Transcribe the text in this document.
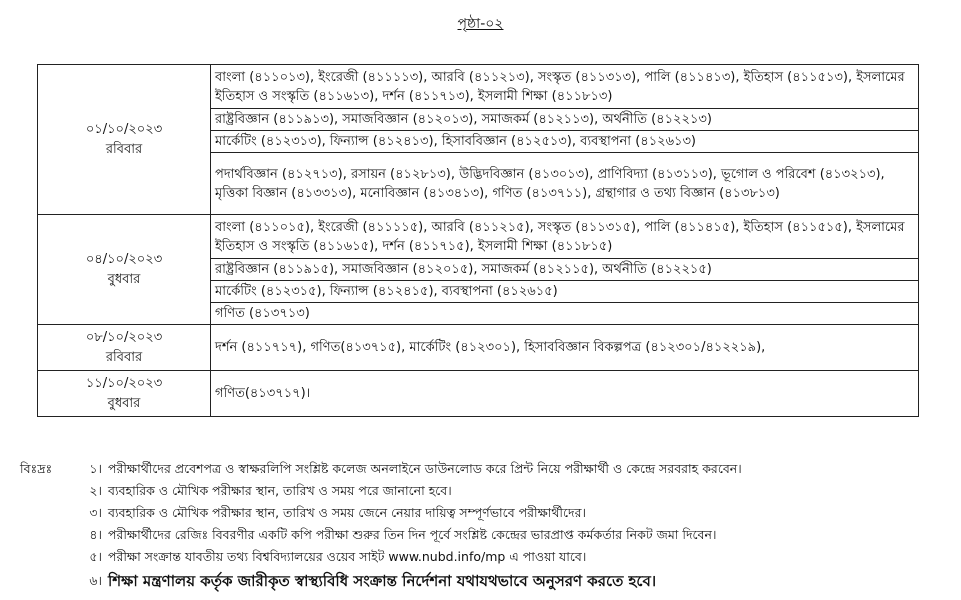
পৃষ্ঠা-০২
০১/১০/২০২৩
রবিবার	বাংলা (৪১১০১৩), ইংরেজী (৪১১১১৩), আরবি (৪১১২১৩), সংস্কৃত (৪১১৩১৩), পালি (৪১১৪১৩), ইতিহাস (৪১১৫১৩), ইসলামের ইতিহাস ও সংস্কৃতি (৪১১৬১৩), দর্শন (৪১১৭১৩), ইসলামী শিক্ষা (৪১১৮১৩)
	রাষ্ট্রবিজ্ঞান (৪১১৯১৩), সমাজবিজ্ঞান (৪১২০১৩), সমাজকর্ম (৪১২১১৩), অর্থনীতি (৪১২২১৩)
	মার্কেটিং (৪১২৩১৩), ফিন্যান্স (৪১২৪১৩), হিসাববিজ্ঞান (৪১২৫১৩), ব্যবস্থাপনা (৪১২৬১৩)
	পদার্থবিজ্ঞান (৪১২৭১৩), রসায়ন (৪১২৮১৩), উদ্ভিদবিজ্ঞান (৪১৩০১৩), প্রাণিবিদ্যা (৪১৩১১৩), ভূগোল ও পরিবেশ (৪১৩২১৩), মৃত্তিকা বিজ্ঞান (৪১৩৩১৩), মনোবিজ্ঞান (৪১৩৪১৩), গণিত (৪১৩৭১১), গ্রন্থাগার ও তথ্য বিজ্ঞান (৪১৩৮১৩)

০৪/১০/২০২৩
বুধবার	বাংলা (৪১১০১৫), ইংরেজী (৪১১১১৫), আরবি (৪১১২১৫), সংস্কৃত (৪১১৩১৫), পালি (৪১১৪১৫), ইতিহাস (৪১১৫১৫), ইসলামের ইতিহাস ও সংস্কৃতি (৪১১৬১৫), দর্শন (৪১১৭১৫), ইসলামী শিক্ষা (৪১১৮১৫)
	রাষ্ট্রবিজ্ঞান (৪১১৯১৫), সমাজবিজ্ঞান (৪১২০১৫), সমাজকর্ম (৪১২১১৫), অর্থনীতি (৪১২২১৫)
	মার্কেটিং (৪১২৩১৫), ফিন্যান্স (৪১২৪১৫), ব্যবস্থাপনা (৪১২৬১৫)
	গণিত (৪১৩৭১৩)

০৮/১০/২০২৩
রবিবার	দর্শন (৪১১৭১৭), গণিত(৪১৩৭১৫), মার্কেটিং (৪১২৩০১), হিসাববিজ্ঞান বিকল্পপত্র (৪১২৩০১/৪১২২১৯),

১১/১০/২০২৩
বুধবার	গণিত(৪১৩৭১৭)।
বিঃদ্রঃ	১। পরীক্ষার্থীদের প্রবেশপত্র ও স্বাক্ষরলিপি সংশ্লিষ্ট কলেজ অনলাইনে ডাউনলোড করে প্রিন্ট নিয়ে পরীক্ষার্থী ও কেন্দ্রে সরবরাহ করবেন।
২। ব্যবহারিক ও মৌখিক পরীক্ষার স্থান, তারিখ ও সময় পরে জানানো হবে।
৩। ব্যবহারিক ও মৌখিক পরীক্ষার স্থান, তারিখ ও সময় জেনে নেয়ার দায়িত্ব সম্পূর্ণভাবে পরীক্ষার্থীদের।
৪। পরীক্ষার্থীদের রেজিঃ বিবরণীর একটি কপি পরীক্ষা শুরুর তিন দিন পূর্বে সংশ্লিষ্ট কেন্দ্রের ভারপ্রাপ্ত কর্মকর্তার নিকট জমা দিবেন।
৫। পরীক্ষা সংক্রান্ত যাবতীয় তথ্য বিশ্ববিদ্যালয়ের ওয়েব সাইট www.nubd.info/mp এ পাওয়া যাবে।
৬। শিক্ষা মন্ত্রণালয় কর্তৃক জারীকৃত স্বাস্থ্যবিধি সংক্রান্ত নির্দেশনা যথাযথভাবে অনুসরণ করতে হবে।
